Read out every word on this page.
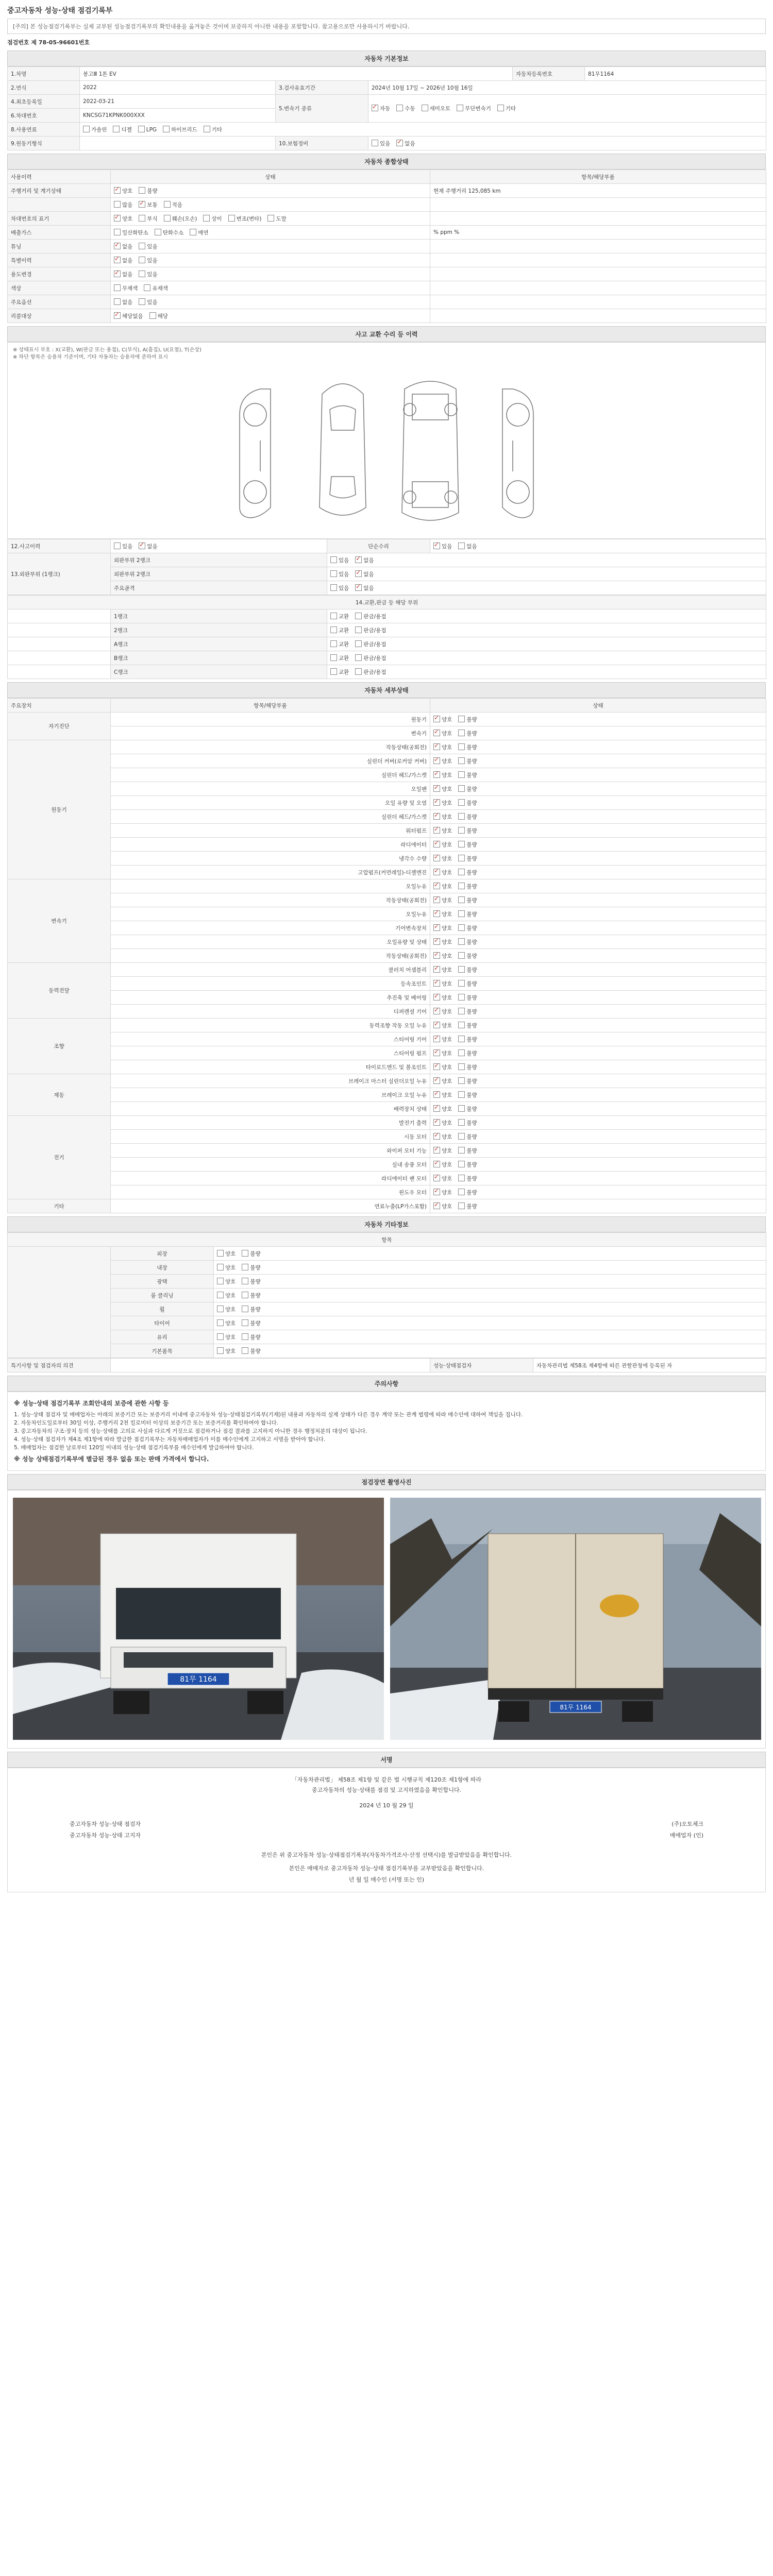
중고자동차 성능·상태 점검기록부
[주의] 본 성능점검기록부는 실제 교부된 성능점검기록부의 확인내용을 옮겨놓은 것이며 보증하지 아니한 내용을 포함합니다. 참고용으로만 사용하시기 바랍니다.
점검번호 제 78-05-96601번호
자동차 기본정보
1.차명	봉고Ⅲ 1톤 EV			자동차등록번호	81무1164
2.연식	2022	3.검사유효기간	2024년 10월 17일 ~ 2026년 10월 16일		
4.최초등록일	2022-03-21	5.변속기 종류	✓자동 수동 세미오토 무단변속기 기타
6.차대번호	KNCSG71KPNK000XXX				
8.사용연료	가솔린 디젤 LPG 하이브리드 기타				
9.원동기형식		10.보험정비	있음 ✓ 없음
자동차 종합상태
사용이력	상태	항목/해당부품
주행거리 및 계기상태	✓양호 불량	현재 주행거리 125,085 km
	많음 ✓ 보통 적음	
차대번호의 표기	✓양호 부식 훼손(오손) 상이 변조(변타) 도말	
배출가스	일산화탄소 탄화수소 매연	% ppm %
튜닝	✓없음 있음	
특별이력	✓없음 있음	
용도변경	✓없음 있음	
색상	무채색 유채색	
주요옵션	없음 있음	
리콜대상	✓해당없음 해당	
사고 교환 수리 등 이력
※ 상태표시 부호 : X(교환), W(판금 또는 용접), C(부식), A(흠집), U(요철), T(손상)
※ 하단 항목은 승용차 기준이며, 기타 자동차는 승용차에 준하여 표시
12.사고이력	있음 ✓ 없음	단순수리	✓있음 없음
13.외판부위 (1랭크)	외판부위 2랭크	있음 ✓ 없음
	외판부위 2랭크	있음 ✓ 없음
	주요골격	있음 ✓ 없음
14.교환,판금 등 해당 부위		
	1랭크	교환 판금/용접
	2랭크	교환 판금/용접
	A랭크	교환 판금/용접
	B랭크	교환 판금/용접
	C랭크	교환 판금/용접
자동차 세부상태
주요장치	항목/해당부품	상태
자기진단	원동기	✓양호 불량
	변속기	✓양호 불량
원동기	작동상태(공회전)	✓양호 불량
	실린더 커버(로커암 커버)	✓양호 불량
	실린더 헤드/가스켓	✓양호 불량
	오일팬	✓양호 불량
	오일 유량 및 오염	✓양호 불량
	실린더 헤드/가스켓	✓양호 불량
	워터펌프	✓양호 불량
	라디에이터	✓양호 불량
	냉각수 수량	✓양호 불량
	고압펌프(커먼레일)-디젤엔진	✓양호 불량
변속기	오일누유	✓양호 불량
	작동상태(공회전)	✓양호 불량
	오일누유	✓양호 불량
	기어변속장치	✓양호 불량
	오일유량 및 상태	✓양호 불량
	작동상태(공회전)	✓양호 불량
동력전달	클러치 어셈블리	✓양호 불량
	등속조인트	✓양호 불량
	추진축 및 베어링	✓양호 불량
	디퍼렌셜 기어	✓양호 불량
조향	동력조향 작동 오일 누유	✓양호 불량
	스티어링 기어	✓양호 불량
	스티어링 펌프	✓양호 불량
	타이로드엔드 및 볼조인트	✓양호 불량
제동	브레이크 마스터 실린더오일 누유	✓양호 불량
	브레이크 오일 누유	✓양호 불량
	배력장치 상태	✓양호 불량
전기	발전기 출력	✓양호 불량
	시동 모터	✓양호 불량
	와이퍼 모터 기능	✓양호 불량
	실내 송풍 모터	✓양호 불량
	라디에이터 팬 모터	✓양호 불량
	윈도우 모터	✓양호 불량
기타	연료누출(LP가스포함)	✓양호 불량
자동차 기타정보
항목		
	외장	양호 불량
	내장	양호 불량
	광택	양호 불량
	룸 클리닝	양호 불량
	휠	양호 불량
	타이어	양호 불량
	유리	양호 불량
	기본품목	양호 불량
특기사항 및 점검자의 의견		성능·상태점검자	자동차관리법 제58조 제4항에 따른 관할관청에 등록된 자
주의사항
※ 성능·상태 점검기록부 조회안내의 보증에 관한 사항 등
1. 성능·상태 점검자 및 매매업자는 아래의 보증기간 또는 보증거리 이내에 중고자동차 성능·상태점검기록부(기재)된 내용과 자동차의 실제 상태가 다른 경우 계약 또는 관계 법령에 따라 매수인에 대하여 책임을 집니다.
2. 자동차인도일로부터 30일 이상, 주행거리 2천 킬로미터 이상의 보증기간 또는 보증거리를 확인하여야 합니다.
3. 중고자동차의 구조·장치 등의 성능·상태를 고의로 사실과 다르게 거짓으로 점검하거나 점검 결과를 고지하지 아니한 경우 행정처분의 대상이 됩니다.
4. 성능·상태 점검자가 제4조 제1항에 따라 발급한 점검기록부는 자동차매매업자가 이를 매수인에게 고지하고 서명을 받아야 합니다.
5. 매매업자는 점검한 날로부터 120일 이내의 성능·상태 점검기록부를 매수인에게 발급하여야 합니다.
※ 성능 상태점검기록부에 별급된 경우 없음 또는 판매 가격에서 합니다.
점검장면 촬영사진
81무 1164
81무 1164
서명
「자동차관리법」 제58조 제1항 및 같은 법 시행규칙 제120조 제1항에 따라
중고자동차의 성능·상태를 점검 및 고지하였음을 확인합니다.
2024 년 10 월 29 일
중고자동차 성능·상태 점검자	(주)오토체크
중고자동차 성능·상태 고지자	매매업자 (인)
본인은 위 중고자동차 성능·상태점검기록부(자동차가격조사·산정 선택시)를 발급받았음을 확인합니다.
본인은 매매자로 중고자동차 성능·상태 점검기록부를 교부받았음을 확인합니다.
년 월 일 매수인 (서명 또는 인)
